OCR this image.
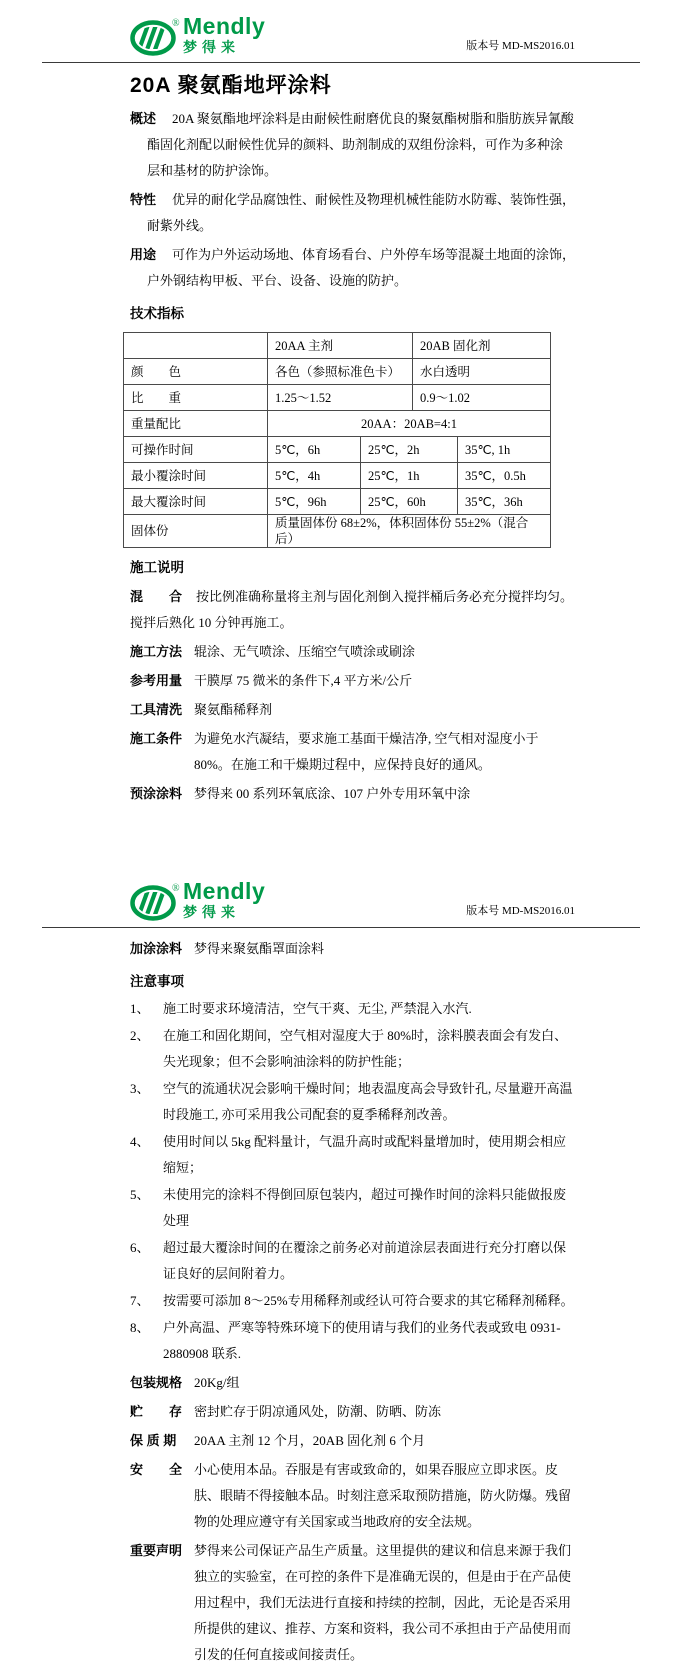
® Mendly
梦得来	版本号 MD-MS2016.01
20A 聚氨酯地坪涂料
概述	20A 聚氨酯地坪涂料是由耐候性耐磨优良的聚氨酯树脂和脂肪族异氰酸酯固化剂配以耐候性优异的颜料、助剂制成的双组份涂料，可作为多种涂层和基材的防护涂饰。
特性	优异的耐化学品腐蚀性、耐候性及物理机械性能防水防霉、装饰性强，耐紫外线。
用途	可作为户外运动场地、体育场看台、户外停车场等混凝土地面的涂饰，户外钢结构甲板、平台、设备、设施的防护。
技术指标
	20AA 主剂		20AB 固化剂	
颜　　色	各色（参照标准色卡）		水白透明	
比　　重	1.25～1.52		0.9～1.02	
重量配比	20AA：20AB=4:1			
可操作时间	5℃，6h	25℃，2h		35℃, 1h
最小覆涂时间	5℃，4h	25℃，1h		35℃，0.5h
最大覆涂时间	5℃，96h	25℃，60h		35℃，36h
固体份	质量固体份 68±2%，体积固体份 55±2%（混合后）			
施工说明
混　　合	按比例准确称量将主剂与固化剂倒入搅拌桶后务必充分搅拌均匀。搅拌后熟化 10 分钟再施工。
施工方法 辊涂、无气喷涂、压缩空气喷涂或刷涂
参考用量 干膜厚 75 微米的条件下,4 平方米/公斤
工具清洗 聚氨酯稀释剂
施工条件 为避免水汽凝结，要求施工基面干燥洁净, 空气相对湿度小于 80%。在施工和干燥期过程中，应保持良好的通风。
预涂涂料 梦得来 00 系列环氧底涂、107 户外专用环氧中涂
® Mendly
梦得来	版本号 MD-MS2016.01
加涂涂料 梦得来聚氨酯罩面涂料
注意事项
1、	施工时要求环境清洁，空气干爽、无尘, 严禁混入水汽.
2、	在施工和固化期间，空气相对湿度大于 80%时，涂料膜表面会有发白、失光现象；但不会影响油涂料的防护性能；
3、	空气的流通状况会影响干燥时间；地表温度高会导致针孔, 尽量避开高温时段施工, 亦可采用我公司配套的夏季稀释剂改善。
4、	使用时间以 5kg 配料量计，气温升高时或配料量增加时，使用期会相应缩短；
5、	未使用完的涂料不得倒回原包装内，超过可操作时间的涂料只能做报废处理
6、	超过最大覆涂时间的在覆涂之前务必对前道涂层表面进行充分打磨以保证良好的层间附着力。
7、	按需要可添加 8～25%专用稀释剂或经认可符合要求的其它稀释剂稀释。
8、	户外高温、严寒等特殊环境下的使用请与我们的业务代表或致电 0931-2880908 联系.
包装规格 20Kg/组
贮　　存 密封贮存于阴凉通风处，防潮、防晒、防冻
保 质 期	20AA 主剂 12 个月，20AB 固化剂 6 个月
安　　全 小心使用本品。吞服是有害或致命的，如果吞服应立即求医。皮肤、眼睛不得接触本品。时刻注意采取预防措施，防火防爆。残留物的处理应遵守有关国家或当地政府的安全法规。
重要声明 梦得来公司保证产品生产质量。这里提供的建议和信息来源于我们独立的实验室，在可控的条件下是准确无误的，但是由于在产品使用过程中，我们无法进行直接和持续的控制，因此，无论是否采用所提供的建议、推荐、方案和资料，我公司不承担由于产品使用而引发的任何直接或间接责任。
